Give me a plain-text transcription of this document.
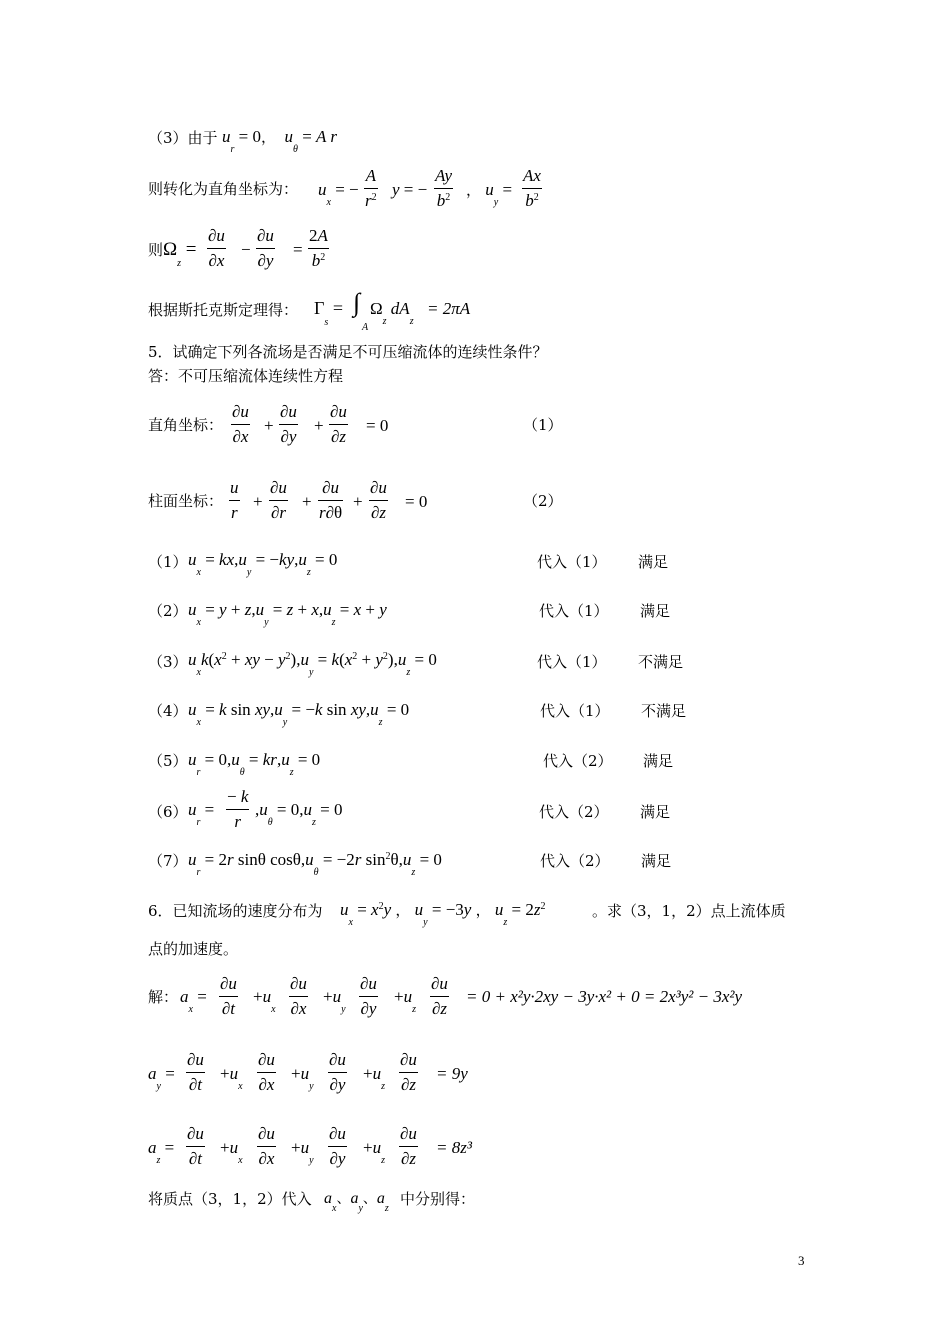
（3）由于 $u_r = 0$，  $u_\theta = A$ r
则转化为直角坐标为： $u_x$ = −
A
$r^2$ y = −
Ay
$b^2$ ， $u_y$ =
Ax
$b^2$
则 $\Omega_z$ =
∂u
∂x
−
∂u
∂y
=
2A
$b^2$
根据斯托克斯定理得： $\Gamma_s$ = ∫
A
$\Omega_z$ $dA_z$
= 2πA
5．试确定下列各流场是否满足不可压缩流体的连续性条件？
答：不可压缩流体连续性方程
直角坐标：
∂u
∂x
+
∂u
∂y
+
∂u
∂z
= 0	（1）
柱面坐标：
u
r
+
∂u
∂r
+
∂u
r∂θ
+
∂u
∂z
= 0	（2）
（1） $u_x = kx,u_y = -ky,u_z = 0$	代入（1） 满足
（2） $u_x = y + z,u_y = z + x,u_z = x + y$	代入（1） 满足
（3） $u_xk(x^2$ + xy − $y^2),u_y = k(x^2 + y^2),u_z = 0$	代入（1） 不满足
（4） $u_x = k$ $\sin xy,u_y = -k$ $\sin xy,u_z = 0$	代入（1） 不满足
（5） $u_r = 0,u_\theta = kr,u_z = 0$	代入（2） 满足
（6） $u_r$ =
− k
r
$,u_\theta = 0,u_z = 0$	代入（2） 满足
（7） $u_r = 2r$ sinθ $\cos\theta,u_\theta = -2r$ $\sin^2\theta,u_z = 0$	代入（2） 满足
6．已知流场的速度分布为 $u_x = x^2y$ ， $u_y = -3y$ ， $u_z = 2z^2$	。求（3，1，2）点上流体质
点的加速度。
解： $a_x$ =
∂u
∂t
$+u_x$
∂u
∂x
$+u_y$
∂u
∂y
$+u_z$
∂u
∂z
= 0 + x²y·2xy − 3y·x² + 0 = 2x³y² − 3x²y
$a_y$ =
∂u
∂t
$+u_x$
∂u
∂x
$+u_y$
∂u
∂y
$+u_z$
∂u
∂z
= 9y
$a_z$ =
∂u
∂t
$+u_x$
∂u
∂x
$+u_y$
∂u
∂y
$+u_z$
∂u
∂z
= 8z³
将质点（3，1，2）代入 $a_x$、$a_y$、$a_z$
中分别得：
3
